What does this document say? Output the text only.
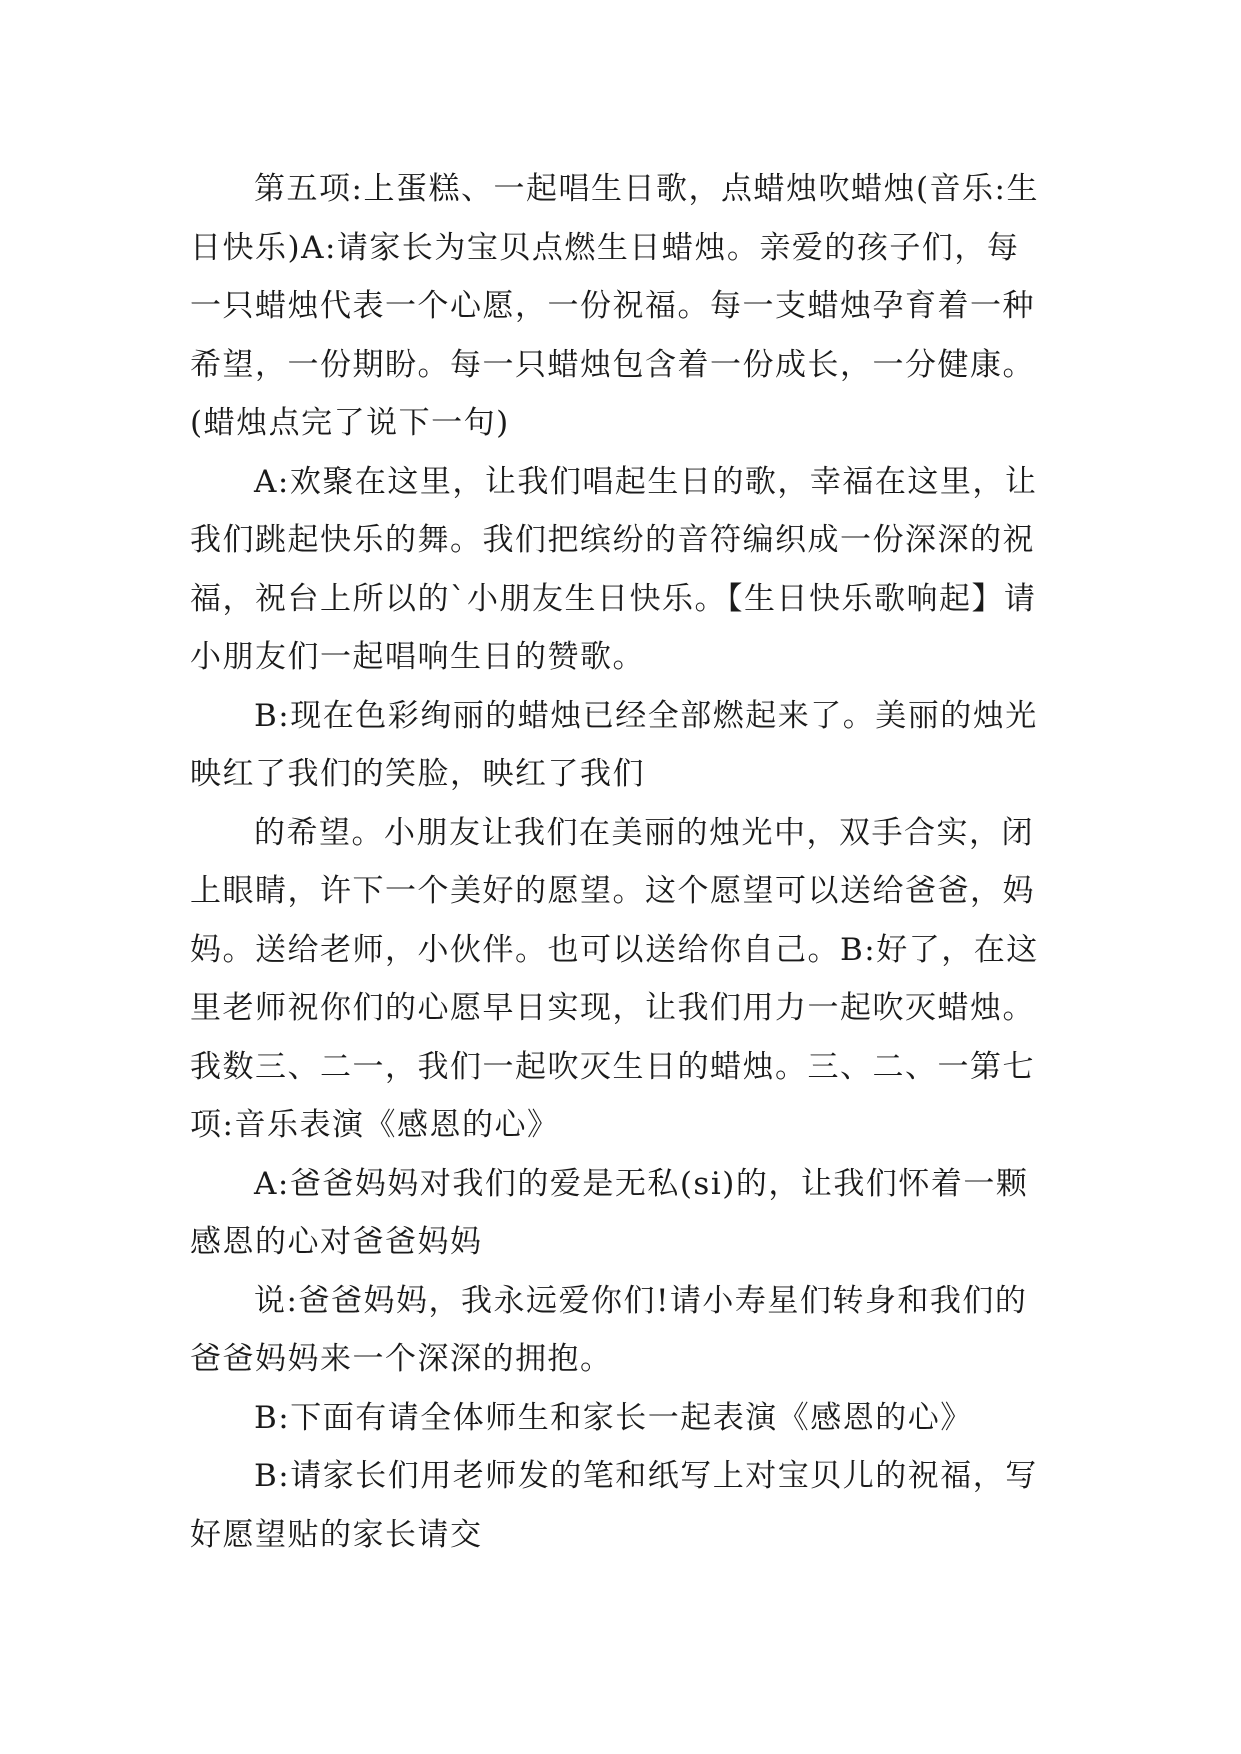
第五项:上蛋糕、一起唱生日歌，点蜡烛吹蜡烛(音乐:生日快乐)A:请家长为宝贝点燃生日蜡烛。亲爱的孩子们，每一只蜡烛代表一个心愿，一份祝福。每一支蜡烛孕育着一种希望，一份期盼。每一只蜡烛包含着一份成长，一分健康。(蜡烛点完了说下一句)

A:欢聚在这里，让我们唱起生日的歌，幸福在这里，让我们跳起快乐的舞。我们把缤纷的音符编织成一份深深的祝福，祝台上所以的`小朋友生日快乐。【生日快乐歌响起】请小朋友们一起唱响生日的赞歌。

B:现在色彩绚丽的蜡烛已经全部燃起来了。美丽的烛光映红了我们的笑脸，映红了我们

的希望。小朋友让我们在美丽的烛光中，双手合实，闭上眼睛，许下一个美好的愿望。这个愿望可以送给爸爸，妈妈。送给老师，小伙伴。也可以送给你自己。B:好了，在这里老师祝你们的心愿早日实现，让我们用力一起吹灭蜡烛。我数三、二一，我们一起吹灭生日的蜡烛。三、二、一第七项:音乐表演《感恩的心》

A:爸爸妈妈对我们的爱是无私(si)的，让我们怀着一颗感恩的心对爸爸妈妈

说:爸爸妈妈，我永远爱你们!请小寿星们转身和我们的爸爸妈妈来一个深深的拥抱。

B:下面有请全体师生和家长一起表演《感恩的心》

B:请家长们用老师发的笔和纸写上对宝贝儿的祝福，写好愿望贴的家长请交
